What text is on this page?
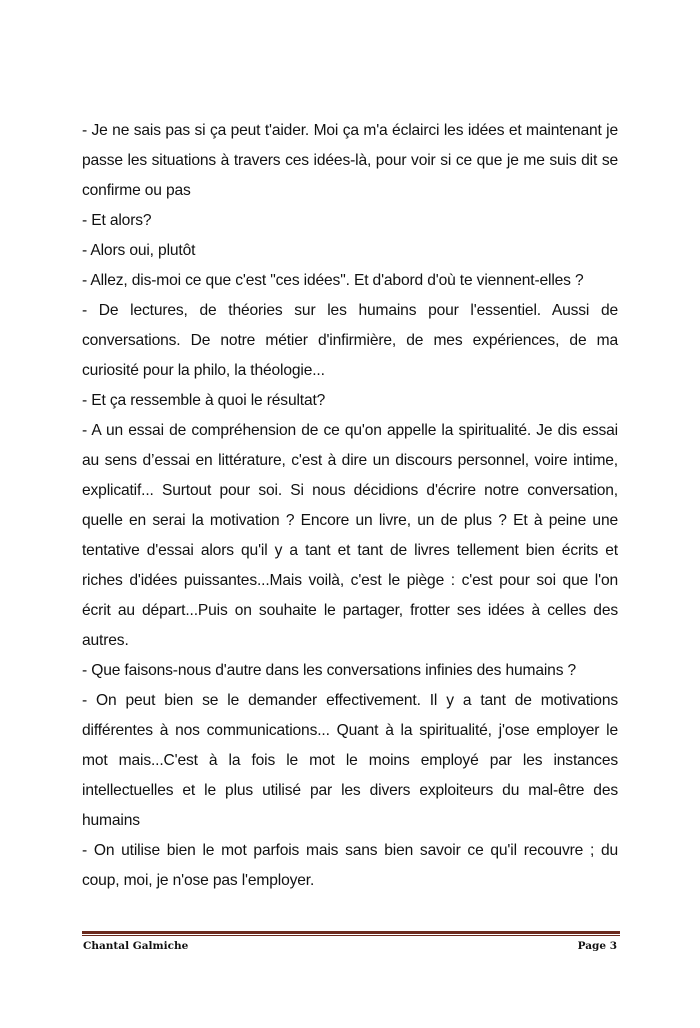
- Je ne sais pas si ça peut t'aider. Moi ça m'a éclairci les idées et maintenant je passe les situations à travers ces idées-là, pour voir si ce que je me suis dit se confirme ou pas

- Et alors?

- Alors oui, plutôt

- Allez, dis-moi ce que c'est "ces idées". Et d'abord d'où te viennent-elles ?

- De lectures, de théories sur les humains pour l'essentiel. Aussi de conversations. De notre métier d'infirmière, de mes expériences, de ma curiosité pour la philo, la théologie...

- Et ça ressemble à quoi le résultat?

- A un essai de compréhension de ce qu'on appelle la spiritualité. Je dis essai au sens d’essai en littérature, c'est à dire un discours personnel, voire intime, explicatif... Surtout pour soi. Si nous décidions d'écrire notre conversation, quelle en serai la motivation ? Encore un livre, un de plus ? Et à peine une tentative d'essai alors qu'il y a tant et tant de livres tellement bien écrits et riches d'idées puissantes...Mais voilà, c'est le piège : c'est pour soi que l'on écrit au départ...Puis on souhaite le partager, frotter ses idées à celles des autres.

- Que faisons-nous d'autre dans les conversations infinies des humains ?

- On peut bien se le demander effectivement. Il y a tant de motivations différentes à nos communications... Quant à la spiritualité, j'ose employer le mot mais...C'est à la fois le mot le moins employé par les instances intellectuelles et le plus utilisé par les divers exploiteurs du mal-être des humains

- On utilise bien le mot parfois mais sans bien savoir ce qu'il recouvre ; du coup, moi, je n'ose pas l'employer.

Chantal Galmiche	Page 3
